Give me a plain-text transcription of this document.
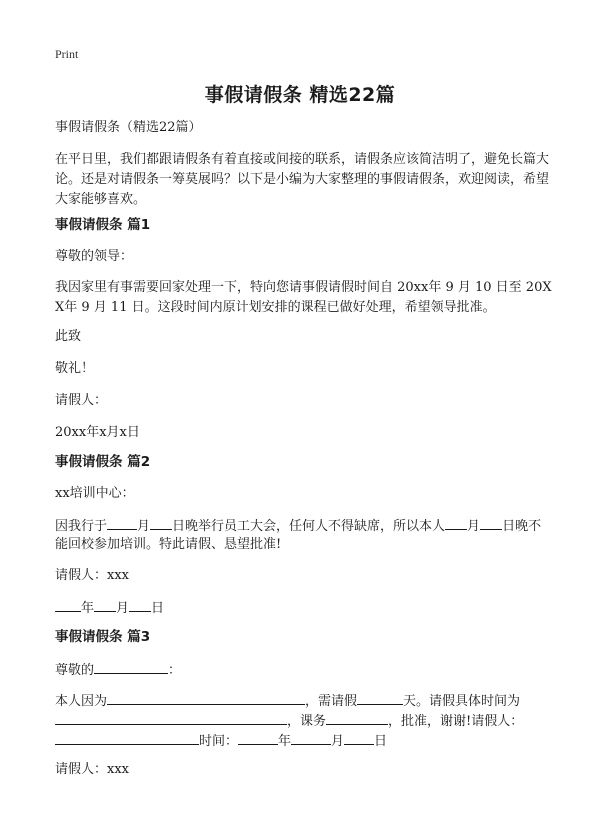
Print
事假请假条 精选22篇
事假请假条（精选22篇）
在平日里，我们都跟请假条有着直接或间接的联系，请假条应该简洁明了，避免长篇大论。还是对请假条一筹莫展吗？以下是小编为大家整理的事假请假条，欢迎阅读，希望大家能够喜欢。
事假请假条 篇1
尊敬的领导：
我因家里有事需要回家处理一下，特向您请事假请假时间自 20xx年 9 月 10 日至 20XX年 9 月 11 日。这段时间内原计划安排的课程已做好处理，希望领导批准。
此致
敬礼！
请假人：
20xx年x月x日
事假请假条 篇2
xx培训中心：
因我行于 月 日晚举行员工大会，任何人不得缺席，所以本人 月 日晚不
能回校参加培训。特此请假、恳望批准!
请假人：xxx
年 月 日
事假请假条 篇3
尊敬的	：
本人因为	，需请假	天。请假具体时间为
，课务	，批准，谢谢!请假人：
时间：	年	月 日
请假人：xxx
